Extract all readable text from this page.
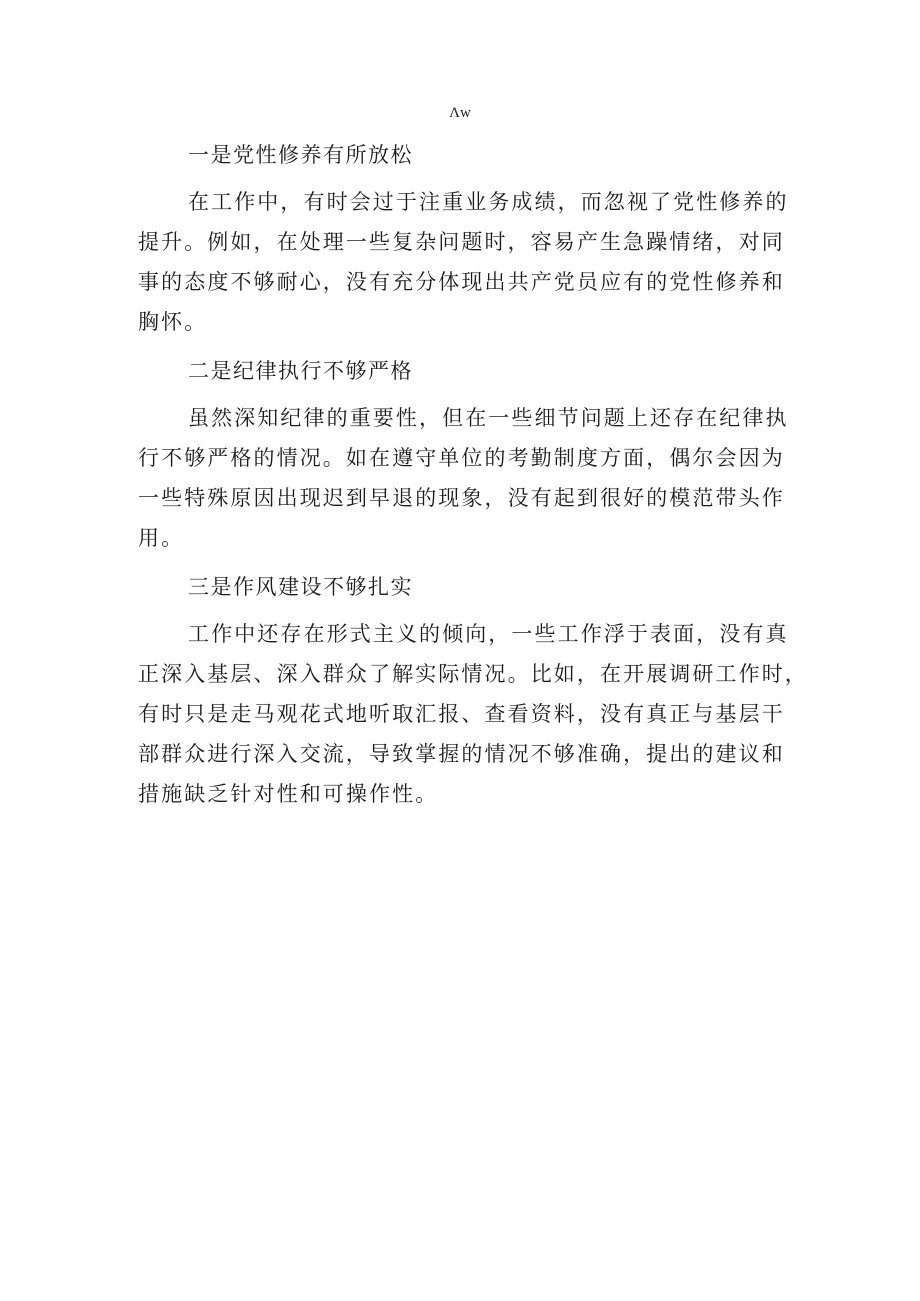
Λw
一是党性修养有所放松

在工作中，有时会过于注重业务成绩，而忽视了党性修养的
提升。例如，在处理一些复杂问题时，容易产生急躁情绪，对同
事的态度不够耐心，没有充分体现出共产党员应有的党性修养和
胸怀。

二是纪律执行不够严格

虽然深知纪律的重要性，但在一些细节问题上还存在纪律执
行不够严格的情况。如在遵守单位的考勤制度方面，偶尔会因为
一些特殊原因出现迟到早退的现象，没有起到很好的模范带头作
用。

三是作风建设不够扎实

工作中还存在形式主义的倾向，一些工作浮于表面，没有真
正深入基层、深入群众了解实际情况。比如，在开展调研工作时，
有时只是走马观花式地听取汇报、查看资料，没有真正与基层干
部群众进行深入交流，导致掌握的情况不够准确，提出的建议和
措施缺乏针对性和可操作性。
